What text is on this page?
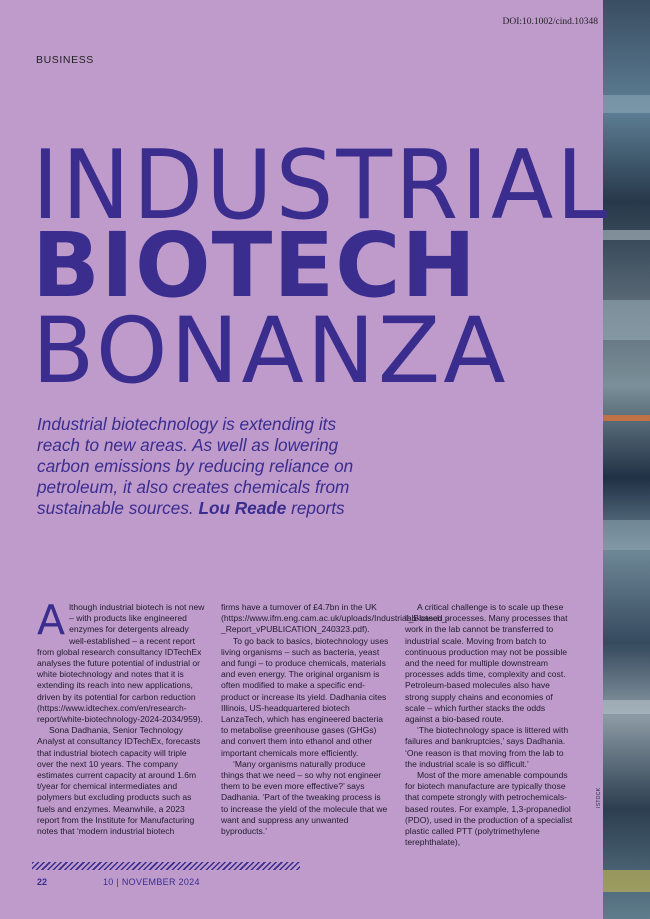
ISTOCK
DOI:10.1002/cind.10348
BUSINESS
INDUSTRIAL
BIOTECH
BONANZA
Industrial biotechnology is extending its reach to new areas. As well as lowering carbon emissions by reducing reliance on petroleum, it also creates chemicals from sustainable sources. Lou Reade reports

Although industrial biotech is not new – with products like engineered enzymes for detergents already well-established – a recent report from global research consultancy IDTechEx analyses the future potential of industrial or white biotechnology and notes that it is extending its reach into new applications, driven by its potential for carbon reduction (https://www.idtechex.com/en/research-report/white-biotechnology-2024-2034/959).

Sona Dadhania, Senior Technology Analyst at consultancy IDTechEx, forecasts that industrial biotech capacity will triple over the next 10 years. The company estimates current capacity at around 1.6m t/year for chemical intermediates and polymers but excluding products such as fuels and enzymes. Meanwhile, a 2023 report from the Institute for Manufacturing notes that ‘modern industrial biotech

firms have a turnover of £4.7bn in the UK (https://www.ifm.eng.cam.ac.uk/uploads/Industrial_Biotech_-_Report_vPUBLICATION_240323.pdf).

To go back to basics, biotechnology uses living organisms – such as bacteria, yeast and fungi – to produce chemicals, materials and even energy. The original organism is often modified to make a specific end-product or increase its yield. Dadhania cites Illinois, US-headquartered biotech LanzaTech, which has engineered bacteria to metabolise greenhouse gases (GHGs) and convert them into ethanol and other important chemicals more efficiently.

‘Many organisms naturally produce things that we need – so why not engineer them to be even more effective?’ says Dadhania. ‘Part of the tweaking process is to increase the yield of the molecule that we want and suppress any unwanted byproducts.’

A critical challenge is to scale up these lab-based processes. Many processes that work in the lab cannot be transferred to industrial scale. Moving from batch to continuous production may not be possible and the need for multiple downstream processes adds time, complexity and cost. Petroleum-based molecules also have strong supply chains and economies of scale – which further stacks the odds against a bio-based route.

‘The biotechnology space is littered with failures and bankruptcies,’ says Dadhania. ‘One reason is that moving from the lab to the industrial scale is so difficult.’

Most of the more amenable compounds for biotech manufacture are typically those that compete strongly with petrochemicals-based routes. For example, 1,3-propanediol (PDO), used in the production of a specialist plastic called PTT (polytrimethylene terephthalate),

22	10 | NOVEMBER 2024
